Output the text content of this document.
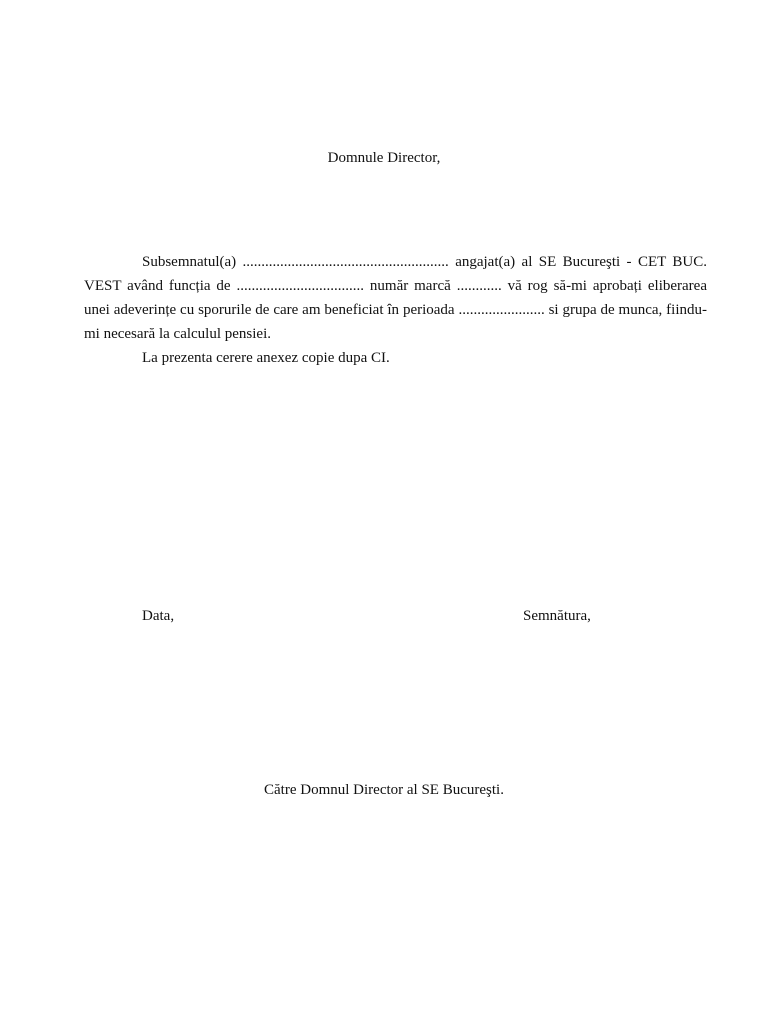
Domnule Director,

Subsemnatul(a) ....................................................... angajat(a) al SE Bucureşti - CET BUC. VEST având funcția de .................................. număr marcă ............ vă rog să-mi aprobați eliberarea unei adeverințe cu sporurile de care am beneficiat în perioada ....................... si grupa de munca, fiindu-mi necesară la calculul pensiei.

La prezenta cerere anexez copie dupa CI.

Data,	Semnătura,
Către Domnul Director al SE Bucureşti.
